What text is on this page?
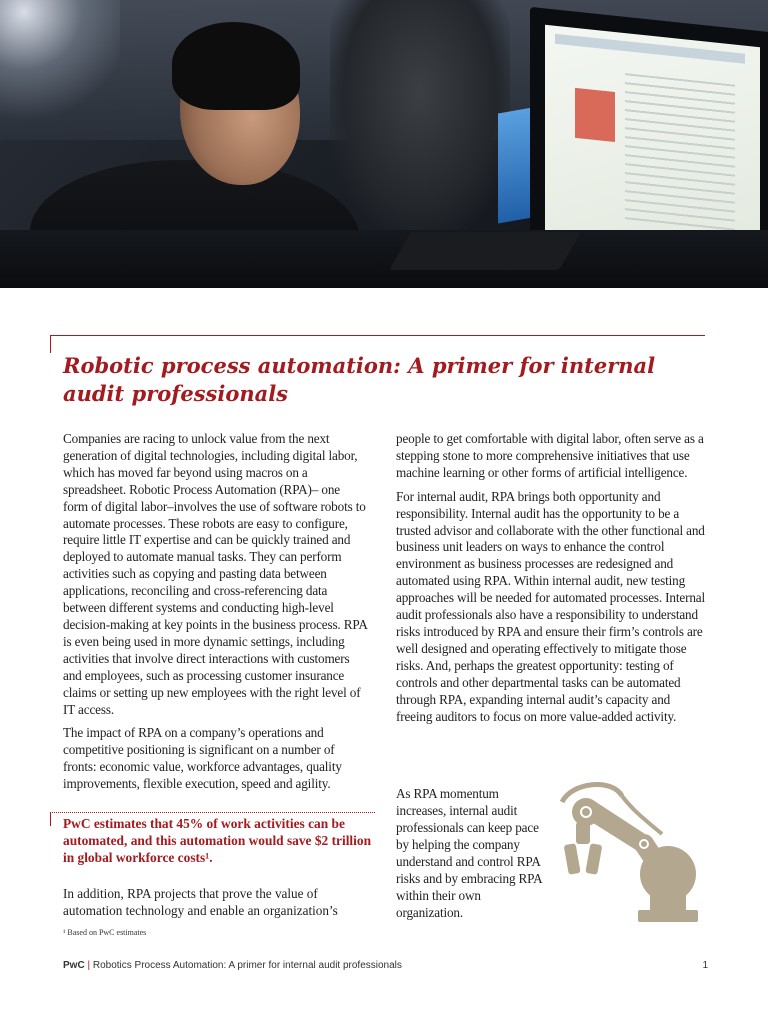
Robotic process automation: A primer for internal audit professionals

Companies are racing to unlock value from the next generation of digital technologies, including digital labor, which has moved far beyond using macros on a spreadsheet. Robotic Process Automation (RPA)– one form of digital labor–involves the use of software robots to automate processes. These robots are easy to configure, require little IT expertise and can be quickly trained and deployed to automate manual tasks. They can perform activities such as copying and pasting data between applications, reconciling and cross-referencing data between different systems and conducting high-level decision-making at key points in the business process. RPA is even being used in more dynamic settings, including activities that involve direct interactions with customers and employees, such as processing customer insurance claims or setting up new employees with the right level of IT access.

The impact of RPA on a company’s operations and competitive positioning is significant on a number of fronts: economic value, workforce advantages, quality improvements, flexible execution, speed and agility.

PwC estimates that 45% of work activities can be automated, and this automation would save $2 trillion in global workforce costs¹.

In addition, RPA projects that prove the value of automation technology and enable an organization’s

¹ Based on PwC estimates

people to get comfortable with digital labor, often serve as a stepping stone to more comprehensive initiatives that use machine learning or other forms of artificial intelligence.

For internal audit, RPA brings both opportunity and responsibility. Internal audit has the opportunity to be a trusted advisor and collaborate with the other functional and business unit leaders on ways to enhance the control environment as business processes are redesigned and automated using RPA. Within internal audit, new testing approaches will be needed for automated processes. Internal audit professionals also have a responsibility to understand risks introduced by RPA and ensure their firm’s controls are well designed and operating effectively to mitigate those risks. And, perhaps the greatest opportunity: testing of controls and other departmental tasks can be automated through RPA, expanding internal audit’s capacity and freeing auditors to focus on more value-added activity.

As RPA momentum increases, internal audit professionals can keep pace by helping the company understand and control RPA risks and by embracing RPA within their own organization.

PwC | Robotics Process Automation: A primer for internal audit professionals	1
